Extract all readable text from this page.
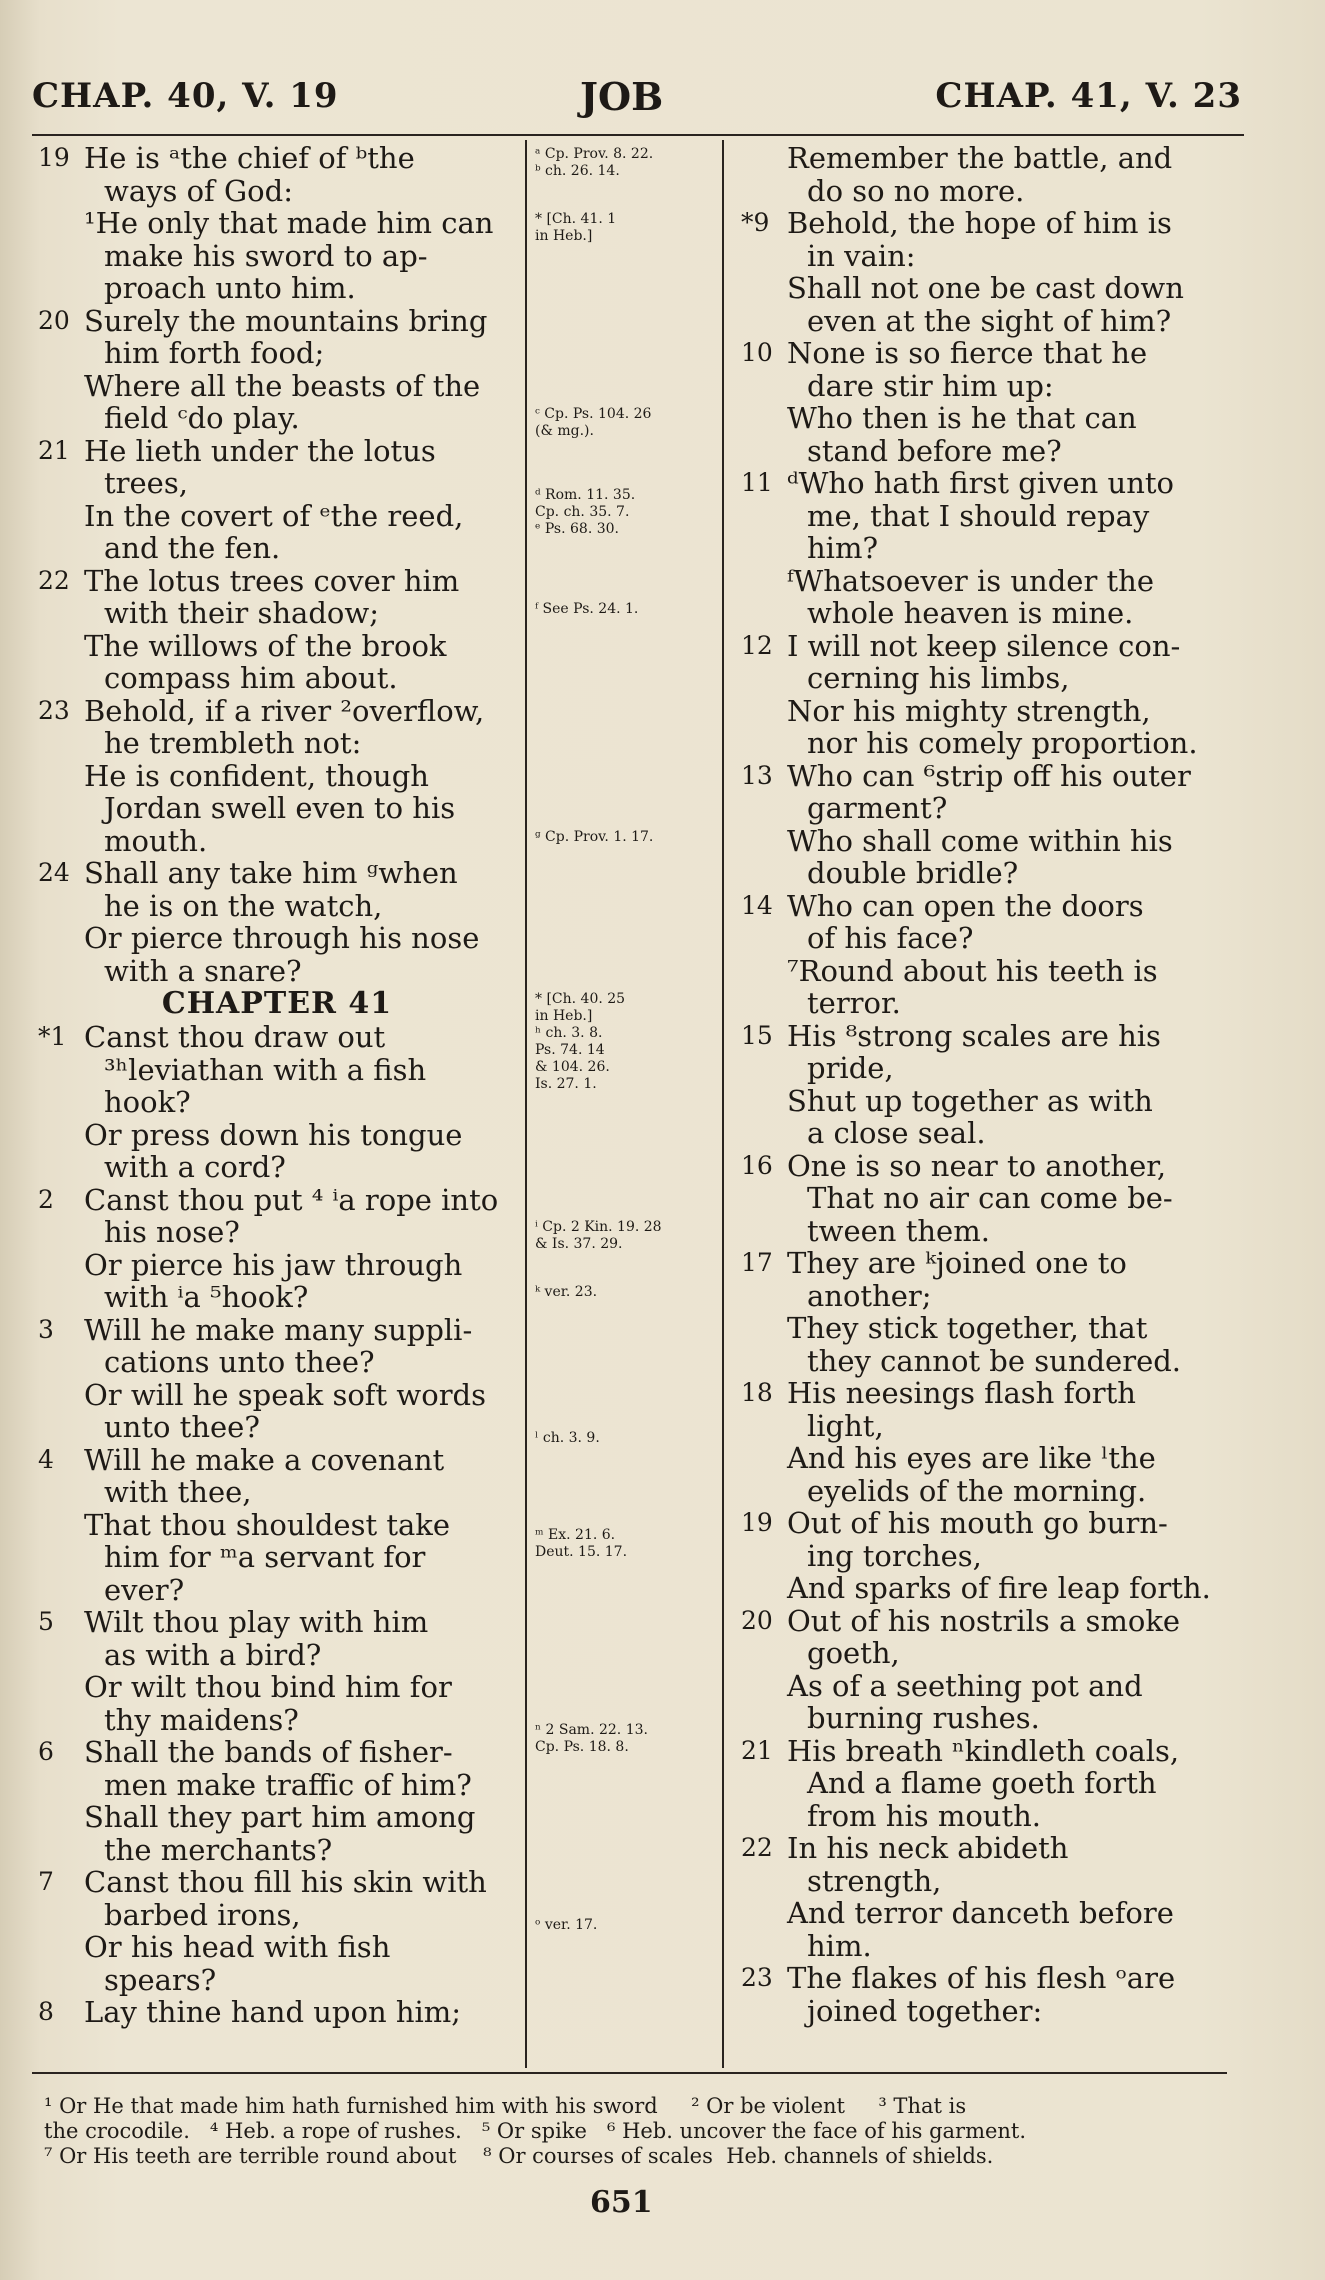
CHAP. 40, V. 19	JOB	CHAP. 41, V. 23
19 He is ᵃthe chief of ᵇthe
ways of God:
¹He only that made him can
make his sword to ap-
proach unto him.
20 Surely the mountains bring
him forth food;
Where all the beasts of the
field ᶜdo play.
21 He lieth under the lotus
trees,
In the covert of ᵉthe reed,
and the fen.
22 The lotus trees cover him
with their shadow;
The willows of the brook
compass him about.
23 Behold, if a river ²overflow,
he trembleth not:
He is confident, though
Jordan swell even to his
mouth.
24 Shall any take him ᵍwhen
he is on the watch,
Or pierce through his nose
with a snare?
CHAPTER 41
*1 Canst thou draw out
³ʰleviathan with a fish
hook?
Or press down his tongue
with a cord?
2	Canst thou put ⁴ ⁱa rope into
his nose?
Or pierce his jaw through
with ⁱa ⁵hook?
3	Will he make many suppli-
cations unto thee?
Or will he speak soft words
unto thee?
4	Will he make a covenant
with thee,
That thou shouldest take
him for ᵐa servant for
ever?
5	Wilt thou play with him
as with a bird?
Or wilt thou bind him for
thy maidens?
6	Shall the bands of fisher-
men make traffic of him?
Shall they part him among
the merchants?
7	Canst thou fill his skin with
barbed irons,
Or his head with fish
spears?
8	Lay thine hand upon him;
ᵃ Cp. Prov. 8. 22.
ᵇ ch. 26. 14.
* [Ch. 41. 1
in Heb.]
ᶜ Cp. Ps. 104. 26
(& mg.).
ᵈ Rom. 11. 35.
Cp. ch. 35. 7.
ᵉ Ps. 68. 30.
ᶠ See Ps. 24. 1.
ᵍ Cp. Prov. 1. 17.
* [Ch. 40. 25
in Heb.]
ʰ ch. 3. 8.
Ps. 74. 14
& 104. 26.
Is. 27. 1.
ⁱ Cp. 2 Kin. 19. 28
& Is. 37. 29.
ᵏ ver. 23.
ˡ ch. 3. 9.
ᵐ Ex. 21. 6.
Deut. 15. 17.
ⁿ 2 Sam. 22. 13.
Cp. Ps. 18. 8.
ᵒ ver. 17.
Remember the battle, and
do so no more.
*9 Behold, the hope of him is
in vain:
Shall not one be cast down
even at the sight of him?
10 None is so fierce that he
dare stir him up:
Who then is he that can
stand before me?
11 ᵈWho hath first given unto
me, that I should repay
him?
ᶠWhatsoever is under the
whole heaven is mine.
12 I will not keep silence con-
cerning his limbs,
Nor his mighty strength,
nor his comely proportion.
13 Who can ⁶strip off his outer
garment?
Who shall come within his
double bridle?
14 Who can open the doors
of his face?
⁷Round about his teeth is
terror.
15 His ⁸strong scales are his
pride,
Shut up together as with
a close seal.
16 One is so near to another,
That no air can come be-
tween them.
17 They are ᵏjoined one to
another;
They stick together, that
they cannot be sundered.
18 His neesings flash forth
light,
And his eyes are like ˡthe
eyelids of the morning.
19 Out of his mouth go burn-
ing torches,
And sparks of fire leap forth.
20 Out of his nostrils a smoke
goeth,
As of a seething pot and
burning rushes.
21 His breath ⁿkindleth coals,
And a flame goeth forth
from his mouth.
22 In his neck abideth
strength,
And terror danceth before
him.
23 The flakes of his flesh ᵒare
joined together:
¹ Or He that made him hath furnished him with his sword     ² Or be violent     ³ That is
the crocodile.   ⁴ Heb. a rope of rushes.   ⁵ Or spike   ⁶ Heb. uncover the face of his garment.
⁷ Or His teeth are terrible round about    ⁸ Or courses of scales  Heb. channels of shields.
651
